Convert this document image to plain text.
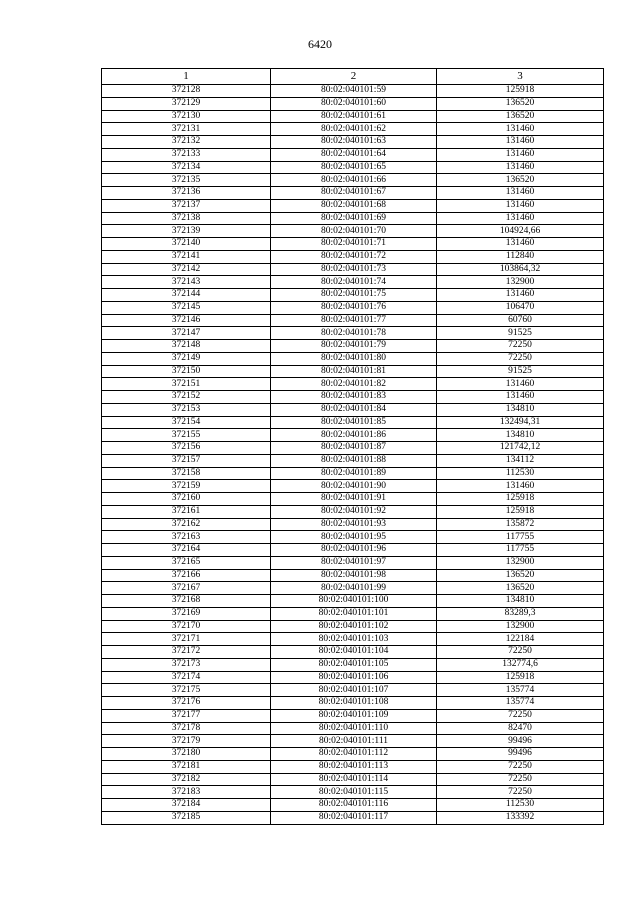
6420
1	2	3
372128	80:02:040101:59	125918
372129	80:02:040101:60	136520
372130	80:02:040101:61	136520
372131	80:02:040101:62	131460
372132	80:02:040101:63	131460
372133	80:02:040101:64	131460
372134	80:02:040101:65	131460
372135	80:02:040101:66	136520
372136	80:02:040101:67	131460
372137	80:02:040101:68	131460
372138	80:02:040101:69	131460
372139	80:02:040101:70	104924,66
372140	80:02:040101:71	131460
372141	80:02:040101:72	112840
372142	80:02:040101:73	103864,32
372143	80:02:040101:74	132900
372144	80:02:040101:75	131460
372145	80:02:040101:76	106470
372146	80:02:040101:77	60760
372147	80:02:040101:78	91525
372148	80:02:040101:79	72250
372149	80:02:040101:80	72250
372150	80:02:040101:81	91525
372151	80:02:040101:82	131460
372152	80:02:040101:83	131460
372153	80:02:040101:84	134810
372154	80:02:040101:85	132494,31
372155	80:02:040101:86	134810
372156	80:02:040101:87	121742,12
372157	80:02:040101:88	134112
372158	80:02:040101:89	112530
372159	80:02:040101:90	131460
372160	80:02:040101:91	125918
372161	80:02:040101:92	125918
372162	80:02:040101:93	135872
372163	80:02:040101:95	117755
372164	80:02:040101:96	117755
372165	80:02:040101:97	132900
372166	80:02:040101:98	136520
372167	80:02:040101:99	136520
372168	80:02:040101:100	134810
372169	80:02:040101:101	83289,3
372170	80:02:040101:102	132900
372171	80:02:040101:103	122184
372172	80:02:040101:104	72250
372173	80:02:040101:105	132774,6
372174	80:02:040101:106	125918
372175	80:02:040101:107	135774
372176	80:02:040101:108	135774
372177	80:02:040101:109	72250
372178	80:02:040101:110	82470
372179	80:02:040101:111	99496
372180	80:02:040101:112	99496
372181	80:02:040101:113	72250
372182	80:02:040101:114	72250
372183	80:02:040101:115	72250
372184	80:02:040101:116	112530
372185	80:02:040101:117	133392
